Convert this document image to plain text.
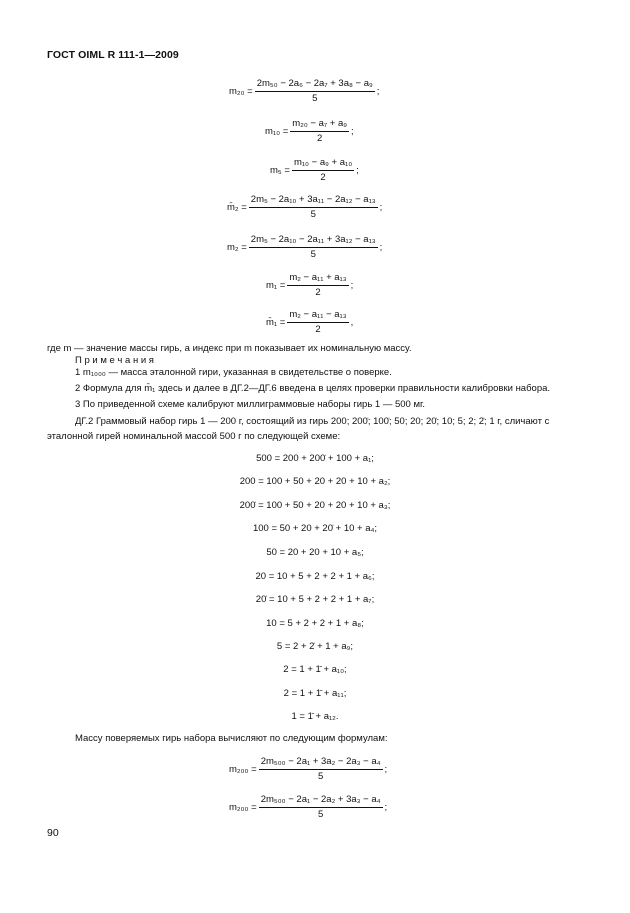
ГОСТ OIML R 111-1—2009
$m_{20} = \frac{\text{2m₅₀ − 2a₆ − 2a₇ + 3a₈ − a₉}}{5}$ ;
$m_{10} = \frac{\text{m₂₀ − a₇ + a₉}}{2}$ ;
$m_5 = \frac{\text{m₁₀ − a₉ + a₁₀}}{2}$ ;
m̄₂ = $\frac{\text{2m₅ − 2a₁₀ + 3a₁₁ − 2a₁₂ − a₁₃}}{5}$ ;
$m_2 = \frac{\text{2m₅ − 2a₁₀ − 2a₁₁ + 3a₁₂ − a₁₃}}{5}$ ;
$m_1 = \frac{\text{m₂ − a₁₁ + a₁₃}}{2}$ ;
m̄₁ = $\frac{\text{m₂ − a₁₁ − a₁₃}}{2}$ ,
где m — значение массы гирь, а индекс при m показывает их номинальную массу.
П р и м е ч а н и я
1 m₁₀₀₀ — масса эталонной гири, указанная в свидетельстве о поверке.
2 Формула для m̄₁ здесь и далее в ДГ.2—ДГ.6 введена в целях проверки правильности калибровки набора.
3 По приведенной схеме калибруют миллиграммовые наборы гирь 1 — 500 мг.
ДГ.2 Граммовый набор гирь 1 — 200 г, состоящий из гирь 200; 200̇; 100̇; 50; 20; 20̇; 10; 5; 2; 2̇; 1 г, сличают с
эталонной гирей номинальной массой 500 г по следующей схеме:
500 = 200 + 200̇ + 100 + a₁;
200 = 100 + 50 + 20 + 20 + 10 + a₂;
200̇ = 100 + 50 + 20 + 20 + 10 + a₃;
100 = 50 + 20 + 20̇ + 10 + a₄;
50 = 20 + 20 + 10 + a₅;
20 = 10 + 5 + 2 + 2 + 1 + a₆;
20̇ = 10 + 5 + 2 + 2 + 1 + a₇;
10 = 5 + 2 + 2 + 1 + a₈;
5 = 2 + 2̇ + 1 + a₉;
2 = 1 + 1̄ + a₁₀;
2 = 1 + 1̄ + a₁₁;
1 = 1̄ + a₁₂.
Массу поверяемых гирь набора вычисляют по следующим формулам:
$m_{200} = \frac{\text{2m₅₀₀ − 2a₁ + 3a₂ − 2a₃ − a₄}}{5}$ ;
$m_{200} = \frac{\text{2m₅₀₀ − 2a₁ − 2a₂ + 3a₃ − a₄}}{5}$ ;
90
